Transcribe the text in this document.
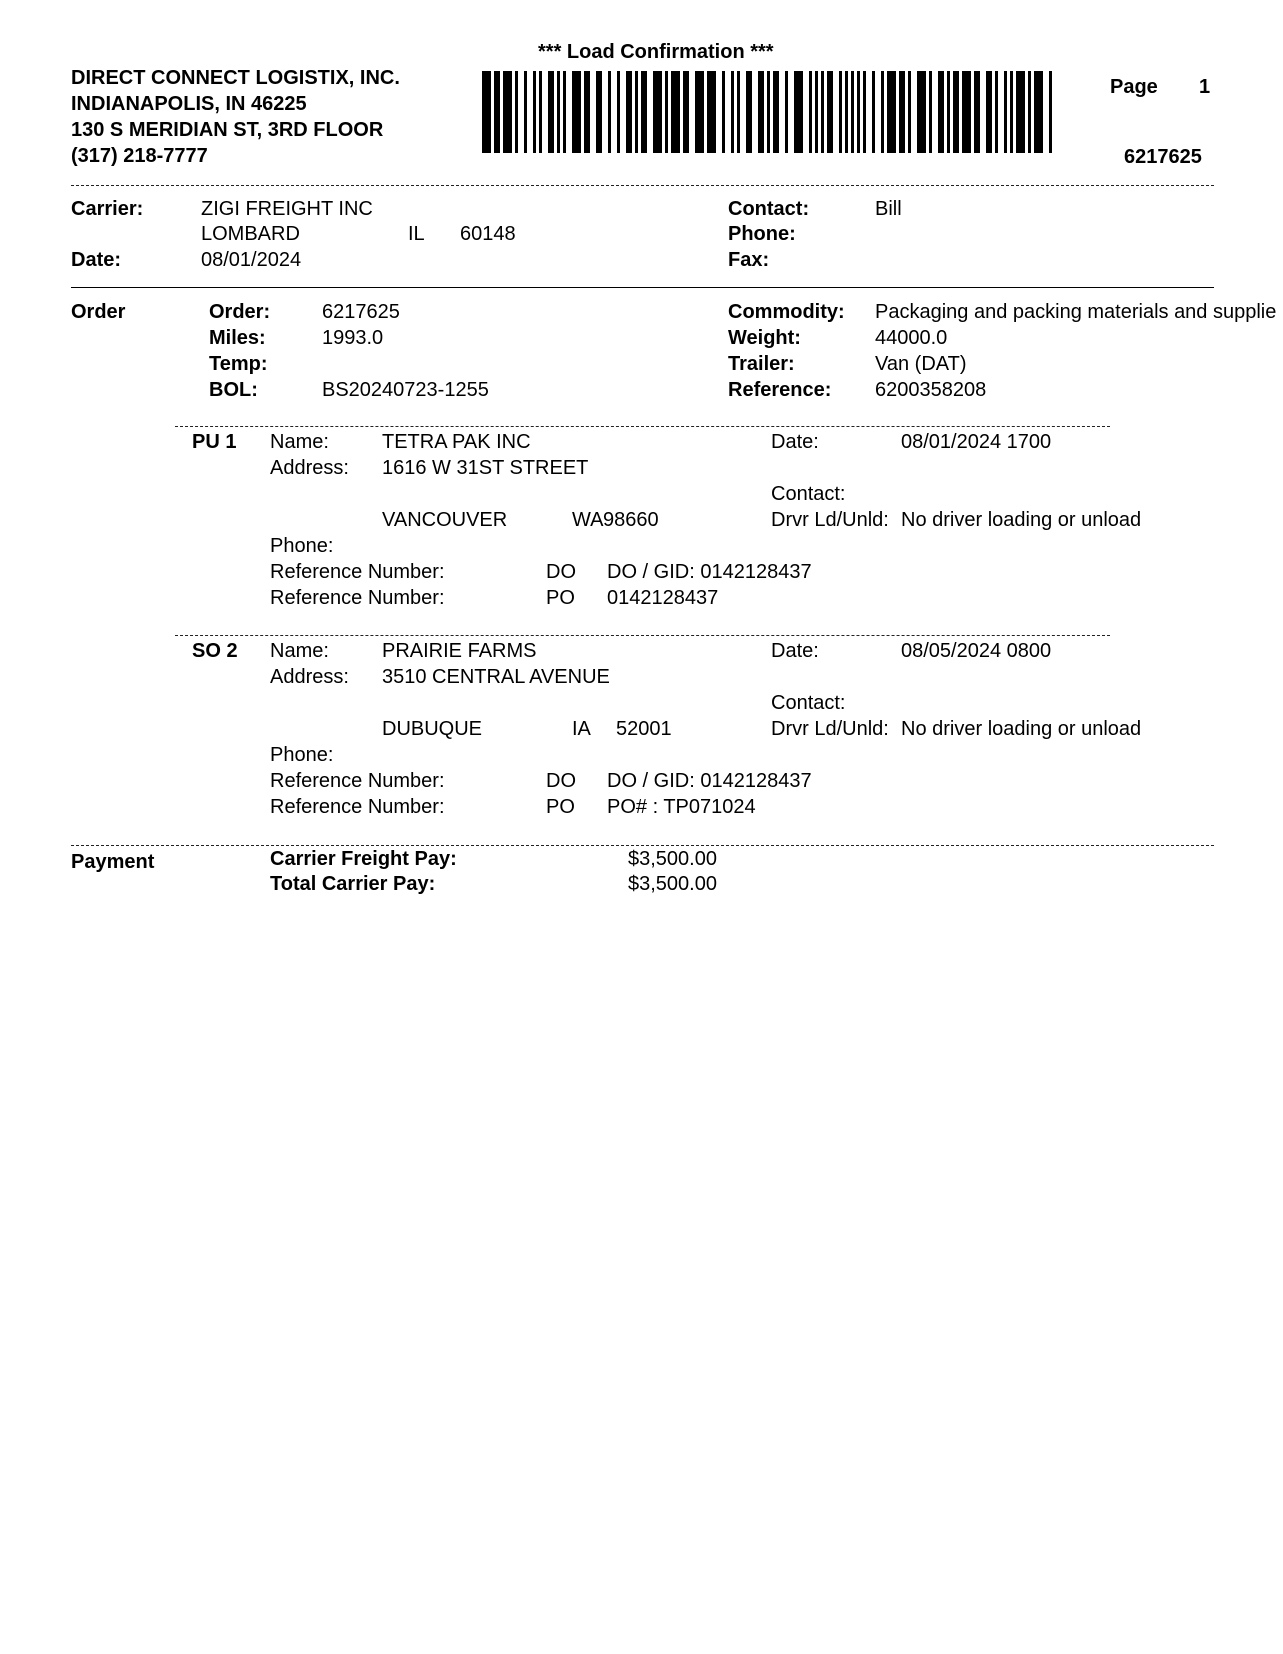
*** Load Confirmation ***
DIRECT CONNECT LOGISTIX, INC.
INDIANAPOLIS, IN 46225
130 S MERIDIAN ST, 3RD FLOOR
(317) 218-7777
Page 1
6217625
Carrier:	ZIGI FREIGHT INC
LOMBARD	IL 60148
Date:	08/01/2024
Contact:	Bill
Phone:
Fax:
Order	Order:	6217625
Miles:	1993.0
Temp:
BOL:	BS20240723-1255
Commodity: Packaging and packing materials and supplie
Weight:	44000.0
Trailer:	Van (DAT)
Reference: 6200358208
PU 1 Name:	TETRA PAK INC
Address: 1616 W 31ST STREET
VANCOUVER	WA 98660
Phone:
Reference Number:	DO DO / GID: 0142128437
Reference Number:	PO 0142128437
Date:	08/01/2024 1700
Contact:
Drvr Ld/Unld: No driver loading or unload
SO 2 Name:	PRAIRIE FARMS
Address: 3510 CENTRAL AVENUE
DUBUQUE	IA 52001
Phone:
Reference Number:	DO DO / GID: 0142128437
Reference Number:	PO PO# : TP071024
Date:	08/05/2024 0800
Contact:
Drvr Ld/Unld: No driver loading or unload
Payment	Carrier Freight Pay:	$3,500.00
Total Carrier Pay:	$3,500.00
